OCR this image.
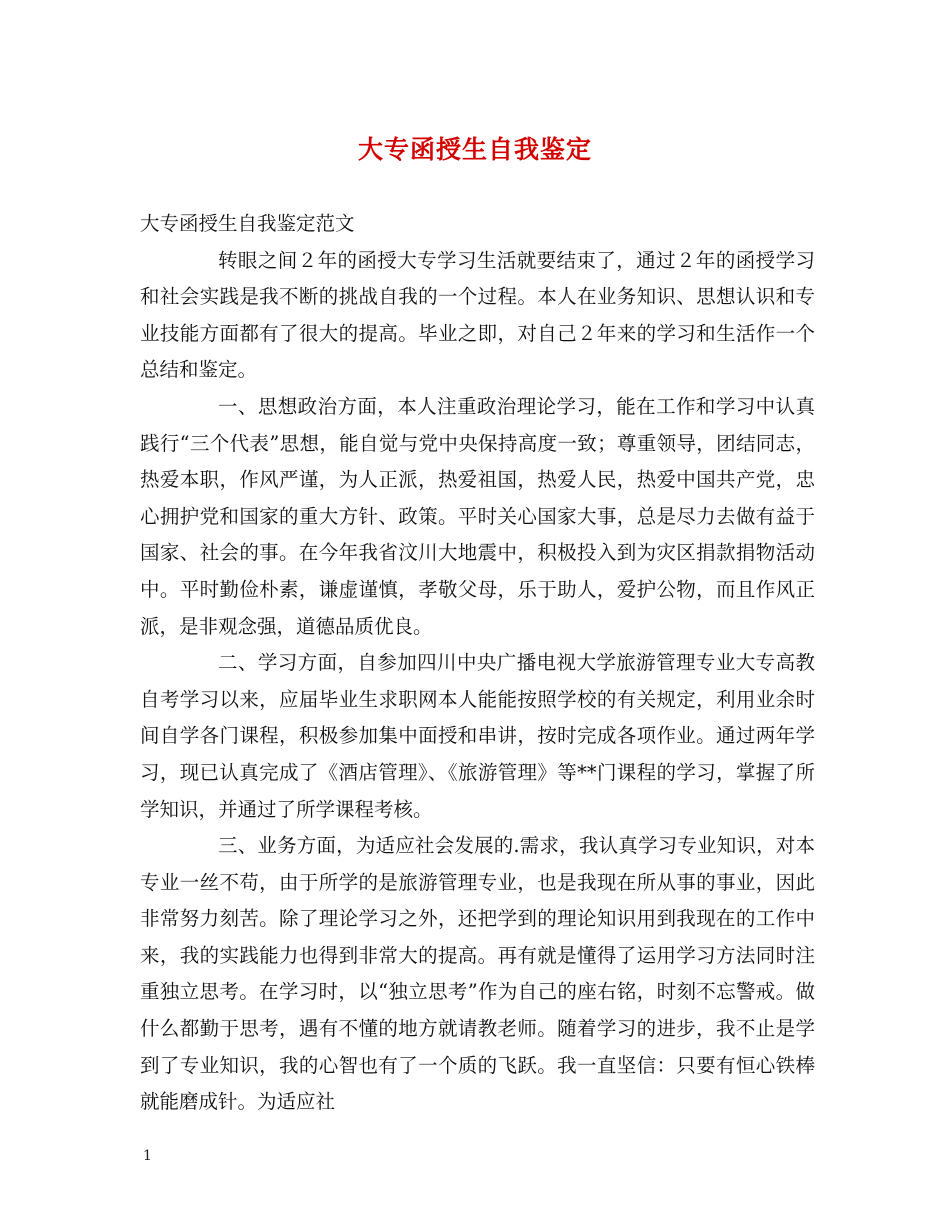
大专函授生自我鉴定

大专函授生自我鉴定范文

转眼之间２年的函授大专学习生活就要结束了，通过２年的函授学习和社会实践是我不断的挑战自我的一个过程。本人在业务知识、思想认识和专业技能方面都有了很大的提高。毕业之即，对自己２年来的学习和生活作一个总结和鉴定。

一、思想政治方面，本人注重政治理论学习，能在工作和学习中认真践行“三个代表”思想，能自觉与党中央保持高度一致；尊重领导，团结同志，热爱本职，作风严谨，为人正派，热爱祖国，热爱人民，热爱中国共产党，忠心拥护党和国家的重大方针、政策。平时关心国家大事，总是尽力去做有益于国家、社会的事。在今年我省汶川大地震中，积极投入到为灾区捐款捐物活动中。平时勤俭朴素，谦虚谨慎，孝敬父母，乐于助人，爱护公物，而且作风正派，是非观念强，道德品质优良。

二、学习方面，自参加四川中央广播电视大学旅游管理专业大专高教自考学习以来，应届毕业生求职网本人能能按照学校的有关规定，利用业余时间自学各门课程，积极参加集中面授和串讲，按时完成各项作业。通过两年学习，现已认真完成了《酒店管理》、《旅游管理》等**门课程的学习，掌握了所学知识，并通过了所学课程考核。

三、业务方面，为适应社会发展的.需求，我认真学习专业知识，对本专业一丝不苟，由于所学的是旅游管理专业，也是我现在所从事的事业，因此非常努力刻苦。除了理论学习之外，还把学到的理论知识用到我现在的工作中来，我的实践能力也得到非常大的提高。再有就是懂得了运用学习方法同时注重独立思考。在学习时，以“独立思考”作为自己的座右铭，时刻不忘警戒。做什么都勤于思考，遇有不懂的地方就请教老师。随着学习的进步，我不止是学到了专业知识，我的心智也有了一个质的飞跃。我一直坚信：只要有恒心铁棒就能磨成针。为适应社

1
